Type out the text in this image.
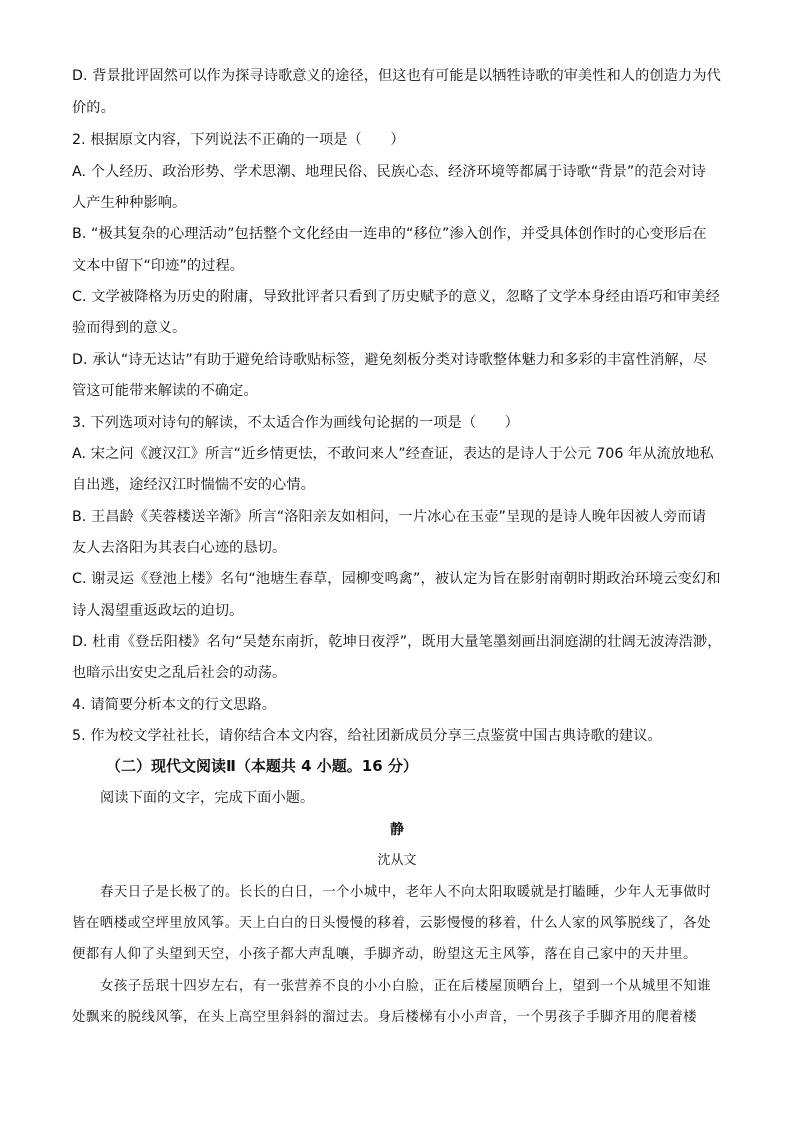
D. 背景批评固然可以作为探寻诗歌意义的途径，但这也有可能是以牺牲诗歌的审美性和人的创造力为代
价的。
2. 根据原文内容，下列说法不正确的一项是（　　）
A. 个人经历、政治形势、学术思潮、地理民俗、民族心态、经济环境等都属于诗歌“背景”的范会对诗
人产生种种影响。
B. “极其复杂的心理活动”包括整个文化经由一连串的“移位”渗入创作，并受具体创作时的心变形后在
文本中留下“印迹”的过程。
C. 文学被降格为历史的附庸，导致批评者只看到了历史赋予的意义，忽略了文学本身经由语巧和审美经
验而得到的意义。
D. 承认“诗无达诂”有助于避免给诗歌贴标签，避免刻板分类对诗歌整体魅力和多彩的丰富性消解，尽
管这可能带来解读的不确定。
3. 下列选项对诗句的解读，不太适合作为画线句论据的一项是（　　）
A. 宋之问《渡汉江》所言“近乡情更怯，不敢问来人”经查证，表达的是诗人于公元 706 年从流放地私
自出逃，途经汉江时惴惴不安的心情。
B. 王昌龄《芙蓉楼送辛渐》所言“洛阳亲友如相问，一片冰心在玉壶”呈现的是诗人晚年因被人旁而请
友人去洛阳为其表白心迹的恳切。
C. 谢灵运《登池上楼》名句“池塘生春草，园柳变鸣禽”，被认定为旨在影射南朝时期政治环境云变幻和
诗人渴望重返政坛的迫切。
D. 杜甫《登岳阳楼》名句“吴楚东南折，乾坤日夜浮”，既用大量笔墨刻画出洞庭湖的壮阔无波涛浩渺，
也暗示出安史之乱后社会的动荡。
4. 请简要分析本文的行文思路。
5. 作为校文学社社长，请你结合本文内容，给社团新成员分享三点鉴赏中国古典诗歌的建议。
（二）现代文阅读Ⅱ（本题共 4 小题。16 分）
阅读下面的文字，完成下面小题。
静
沈从文
春天日子是长极了的。长长的白日，一个小城中，老年人不向太阳取暖就是打瞌睡，少年人无事做时
皆在晒楼或空坪里放风筝。天上白白的日头慢慢的移着，云影慢慢的移着，什么人家的风筝脱线了，各处
便都有人仰了头望到天空，小孩子都大声乱嚷，手脚齐动，盼望这无主风筝，落在自己家中的天井里。
女孩子岳珉十四岁左右，有一张营养不良的小小白脸，正在后楼屋顶晒台上，望到一个从城里不知谁
处飘来的脱线风筝，在头上高空里斜斜的溜过去。身后楼梯有小小声音，一个男孩子手脚齐用的爬着楼
